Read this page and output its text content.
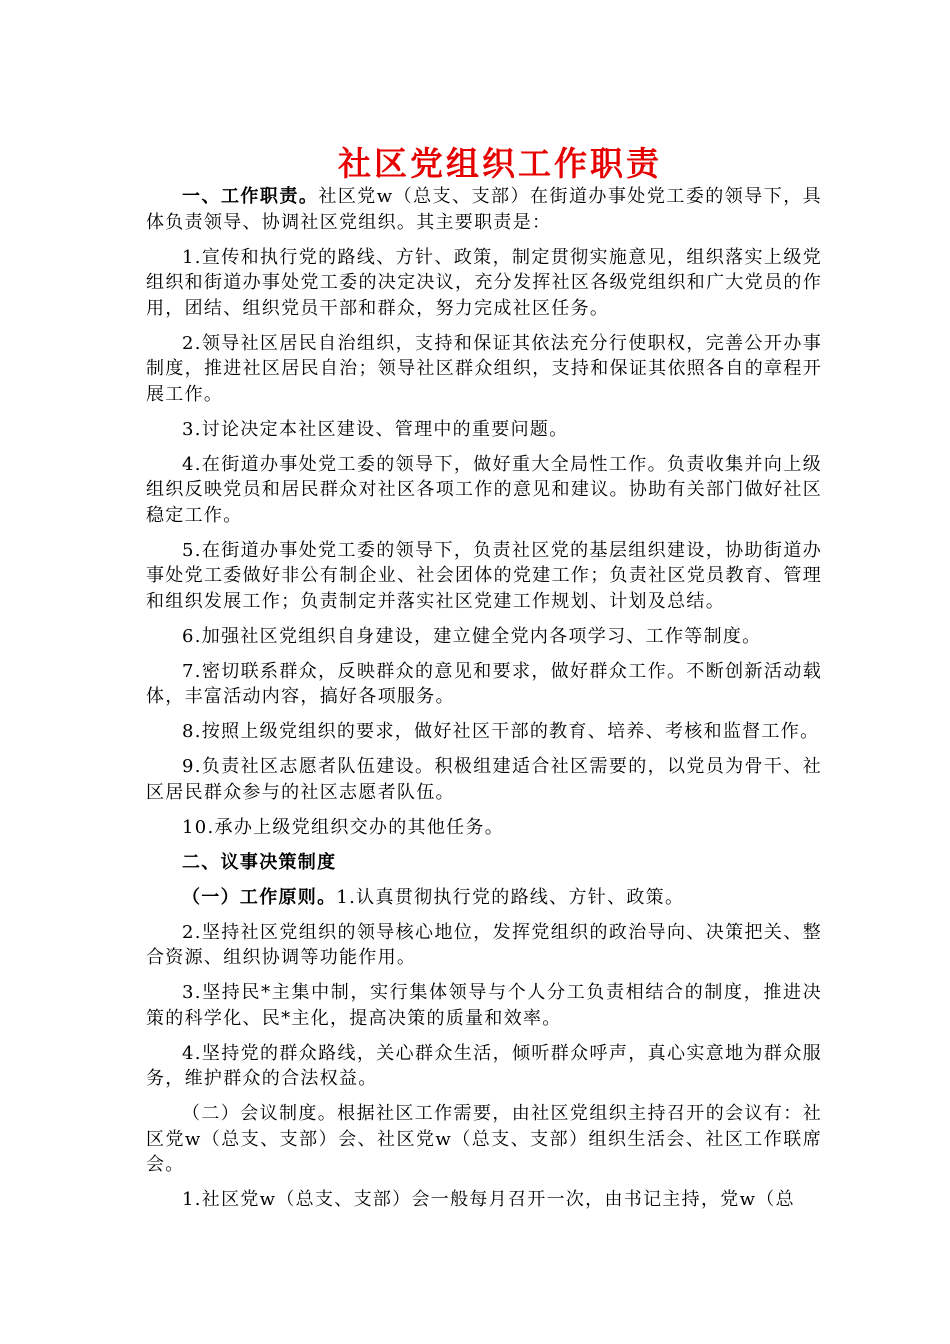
社区党组织工作职责

一、工作职责。社区党w（总支、支部）在街道办事处党工委的领导下，具体负责领导、协调社区党组织。其主要职责是：

1.宣传和执行党的路线、方针、政策，制定贯彻实施意见，组织落实上级党组织和街道办事处党工委的决定决议，充分发挥社区各级党组织和广大党员的作用，团结、组织党员干部和群众，努力完成社区任务。

2.领导社区居民自治组织，支持和保证其依法充分行使职权，完善公开办事制度，推进社区居民自治；领导社区群众组织，支持和保证其依照各自的章程开展工作。

3.讨论决定本社区建设、管理中的重要问题。

4.在街道办事处党工委的领导下，做好重大全局性工作。负责收集并向上级组织反映党员和居民群众对社区各项工作的意见和建议。协助有关部门做好社区稳定工作。

5.在街道办事处党工委的领导下，负责社区党的基层组织建设，协助街道办事处党工委做好非公有制企业、社会团体的党建工作；负责社区党员教育、管理和组织发展工作；负责制定并落实社区党建工作规划、计划及总结。

6.加强社区党组织自身建设，建立健全党内各项学习、工作等制度。

7.密切联系群众，反映群众的意见和要求，做好群众工作。不断创新活动载体，丰富活动内容，搞好各项服务。

8.按照上级党组织的要求，做好社区干部的教育、培养、考核和监督工作。

9.负责社区志愿者队伍建设。积极组建适合社区需要的，以党员为骨干、社区居民群众参与的社区志愿者队伍。

10.承办上级党组织交办的其他任务。

二、议事决策制度

（一）工作原则。1.认真贯彻执行党的路线、方针、政策。

2.坚持社区党组织的领导核心地位，发挥党组织的政治导向、决策把关、整合资源、组织协调等功能作用。

3.坚持民*主集中制，实行集体领导与个人分工负责相结合的制度，推进决策的科学化、民*主化，提高决策的质量和效率。

4.坚持党的群众路线，关心群众生活，倾听群众呼声，真心实意地为群众服务，维护群众的合法权益。

（二）会议制度。根据社区工作需要，由社区党组织主持召开的会议有：社区党w（总支、支部）会、社区党w（总支、支部）组织生活会、社区工作联席会。

1.社区党w（总支、支部）会一般每月召开一次，由书记主持，党w（总
